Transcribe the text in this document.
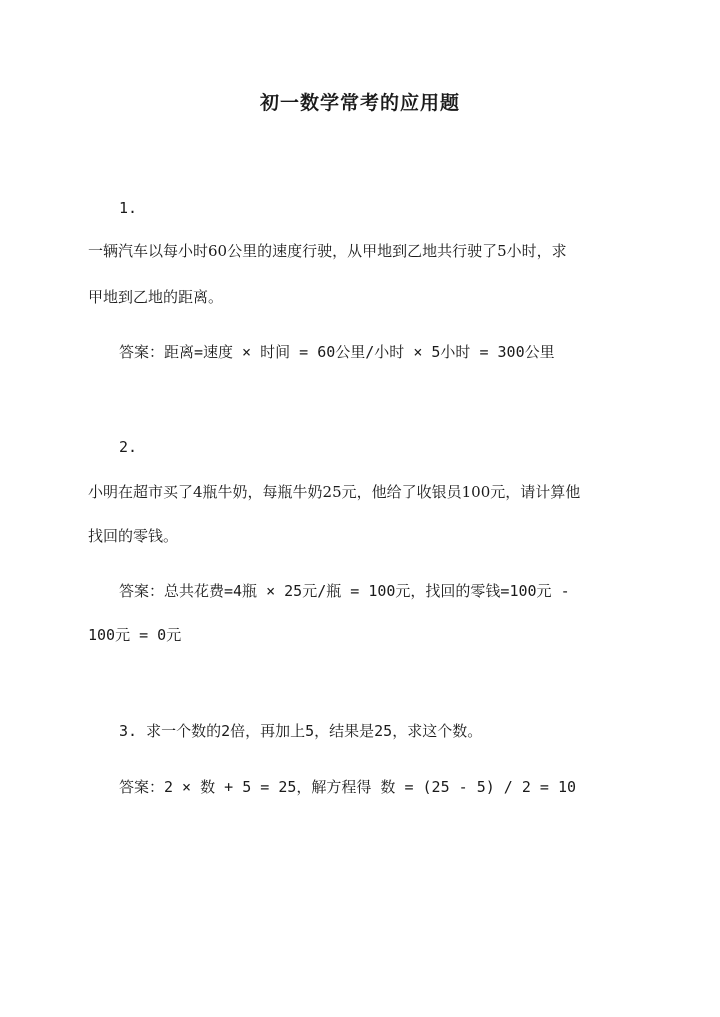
初一数学常考的应用题
1.
一辆汽车以每小时60公里的速度行驶，从甲地到乙地共行驶了5小时，求
甲地到乙地的距离。
答案：距离=速度 × 时间 = 60公里/小时 × 5小时 = 300公里
2.
小明在超市买了4瓶牛奶，每瓶牛奶25元，他给了收银员100元，请计算他
找回的零钱。
答案：总共花费=4瓶 × 25元/瓶 = 100元，找回的零钱=100元 -
100元 = 0元
3. 求一个数的2倍，再加上5，结果是25，求这个数。
答案：2 × 数 + 5 = 25，解方程得 数 = (25 - 5) / 2 = 10
